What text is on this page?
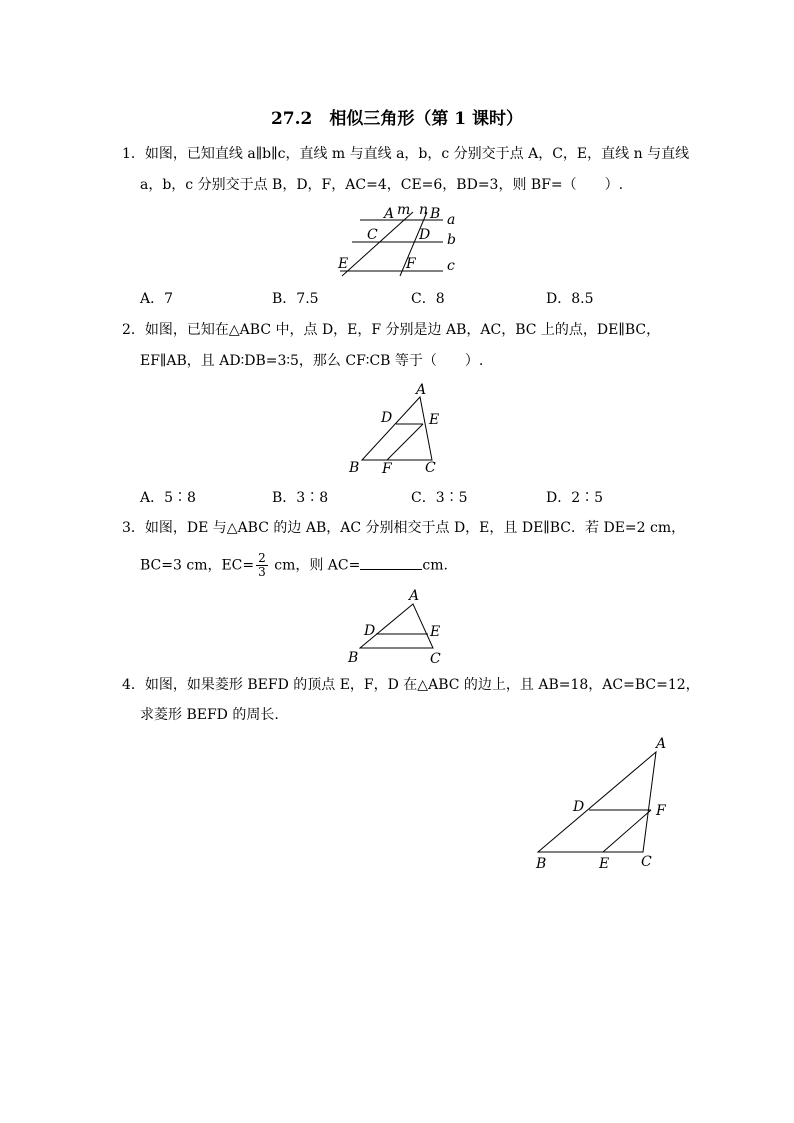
27.2　相似三角形（第 1 课时）
1．如图，已知直线 a∥b∥c，直线 m 与直线 a，b，c 分别交于点 A，C，E，直线 n 与直线
a，b，c 分别交于点 B，D，F，AC=4，CE=6，BD=3，则 BF=（　　）.
m n
A	B a
C	D b
E	F c
A．7	B．7.5	C．8	D．8.5
2．如图，已知在△ABC 中，点 D，E，F 分别是边 AB，AC，BC 上的点，DE∥BC，
EF∥AB，且 AD∶DB=3∶5，那么 CF∶CB 等于（　　）.
A
D	E
B F C
A．5∶8	B．3∶8	C．3∶5	D．2∶5
3．如图，DE 与△ABC 的边 AB，AC 分别相交于点 D，E，且 DE∥BC．若 DE=2 cm，
BC=3 cm，$EC= \frac{2}{3}$ cm，则 AC=	cm.
A
D	E
B	C
4．如图，如果菱形 BEFD 的顶点 E，F，D 在△ABC 的边上，且 AB=18，AC=BC=12，
求菱形 BEFD 的周长.
A
D	F
B	E C
